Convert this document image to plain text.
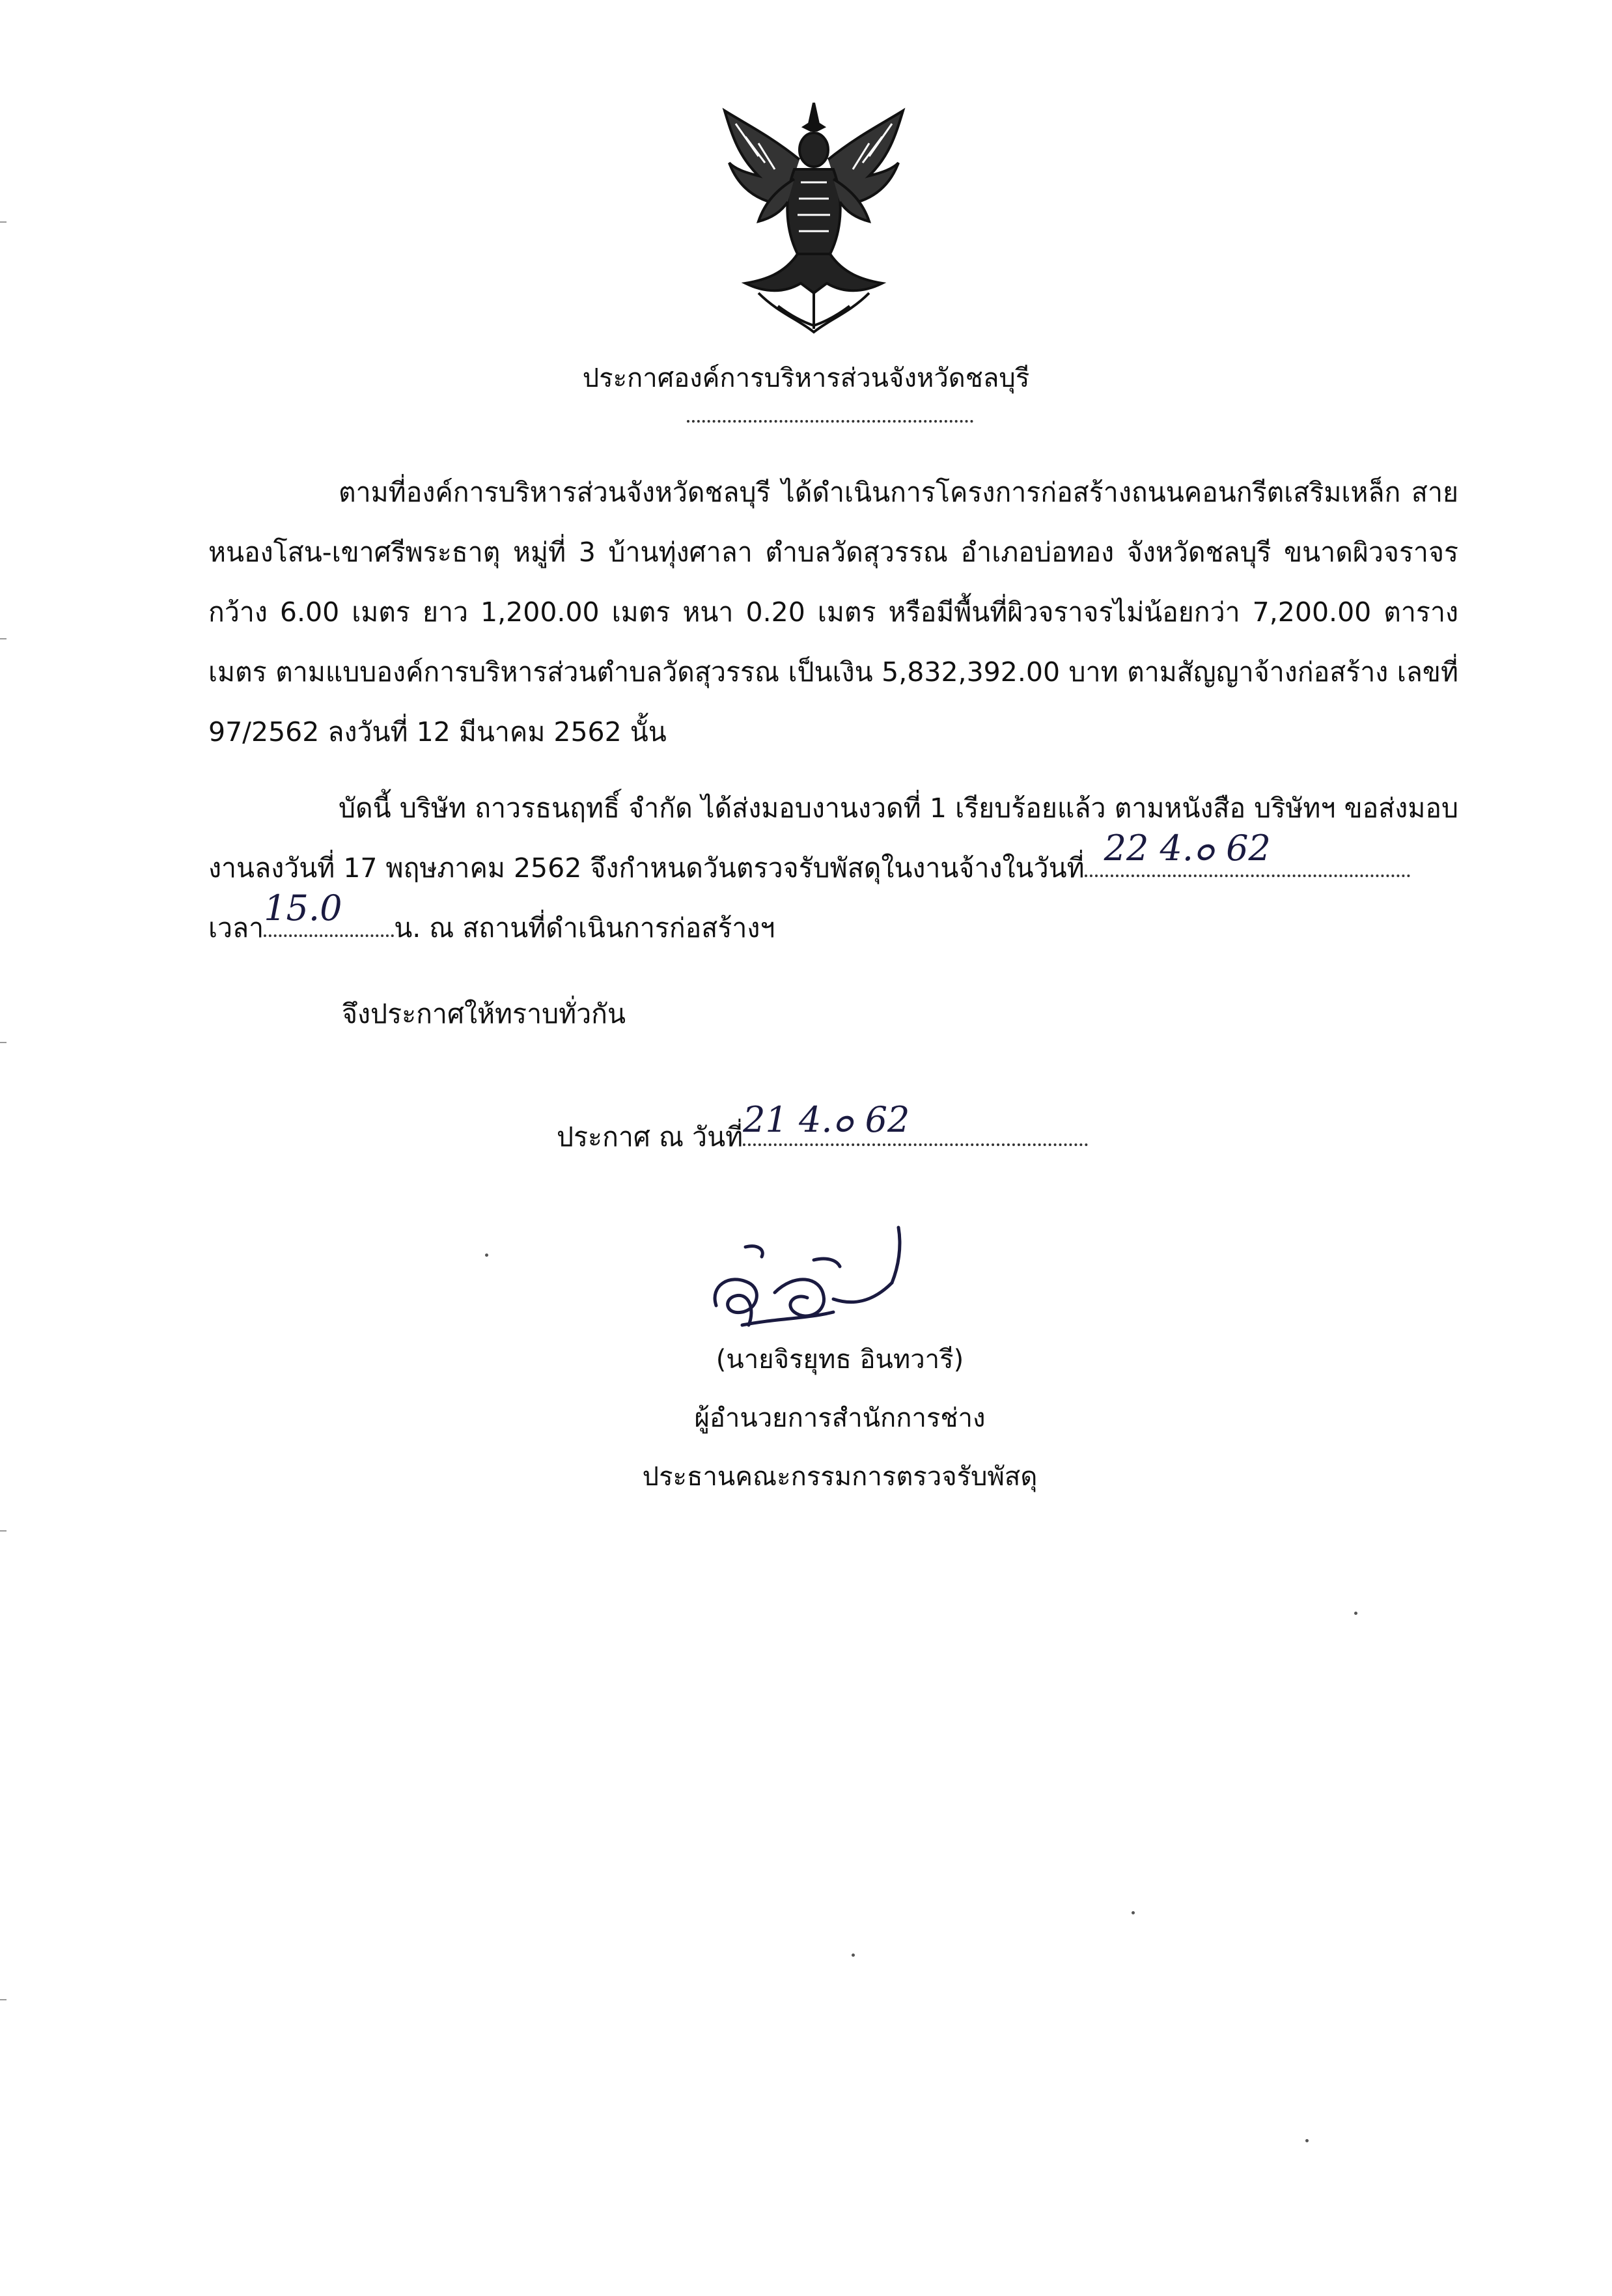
ประกาศองค์การบริหารส่วนจังหวัดชลบุรี
ตามที่องค์การบริหารส่วนจังหวัดชลบุรี ได้ดำเนินการโครงการก่อสร้างถนนคอนกรีตเสริมเหล็ก สายหนองโสน-เขาศรีพระธาตุ หมู่ที่ 3 บ้านทุ่งศาลา ตำบลวัดสุวรรณ อำเภอบ่อทอง จังหวัดชลบุรี ขนาดผิวจราจรกว้าง 6.00 เมตร ยาว 1,200.00 เมตร หนา 0.20 เมตร หรือมีพื้นที่ผิวจราจรไม่น้อยกว่า 7,200.00 ตารางเมตร ตามแบบองค์การบริหารส่วนตำบลวัดสุวรรณ เป็นเงิน 5,832,392.00 บาท ตามสัญญาจ้างก่อสร้าง เลขที่ 97/2562 ลงวันที่ 12 มีนาคม 2562 นั้น
บัดนี้ บริษัท ถาวรธนฤทธิ์ จำกัด ได้ส่งมอบงานงวดที่ 1 เรียบร้อยแล้ว ตามหนังสือ บริษัทฯ ขอส่งมอบงานลงวันที่ 17 พฤษภาคม 2562 จึงกำหนดวันตรวจรับพัสดุในงานจ้างในวันที่ 22 4.๐ 62

เวลา 15.0 น. ณ สถานที่ดำเนินการก่อสร้างฯ
จึงประกาศให้ทราบทั่วกัน
ประกาศ ณ วันที่ 21 4.๐ 62
(นายจิรยุทธ อินทวารี)
ผู้อำนวยการสำนักการช่าง
ประธานคณะกรรมการตรวจรับพัสดุ
